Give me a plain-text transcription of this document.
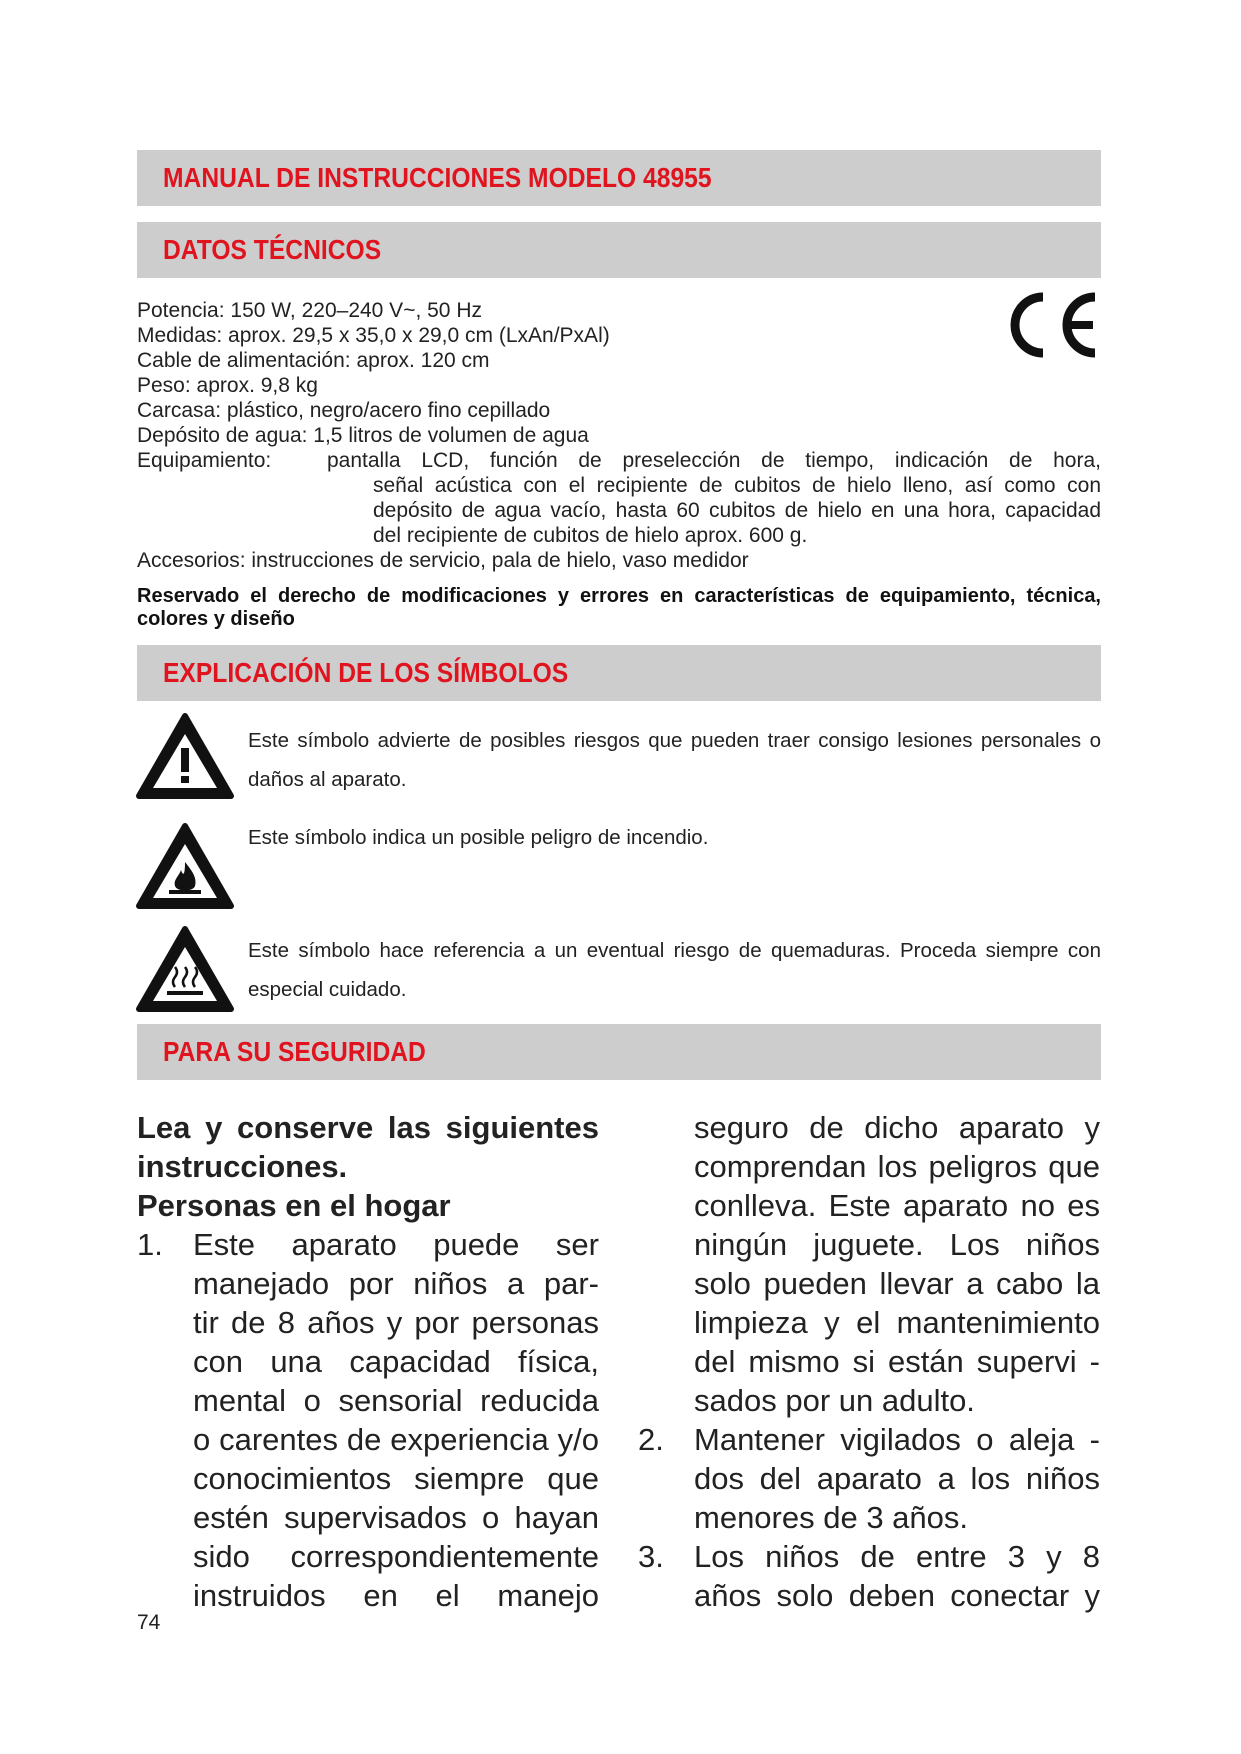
MANUAL DE INSTRUCCIONES MODELO 48955
DATOS TÉCNICOS
Potencia: 150 W, 220–240 V~, 50 Hz
Medidas: aprox. 29,5 x 35,0 x 29,0 cm (LxAn/PxAl)
Cable de alimentación: aprox. 120 cm
Peso: aprox. 9,8 kg
Carcasa: plástico, negro/acero fino cepillado
Depósito de agua: 1,5 litros de volumen de agua
Equipamiento:	pantalla LCD, función de preselección de tiempo, indicación de hora,
señal acústica con el recipiente de cubitos de hielo lleno, así como con
depósito de agua vacío, hasta 60 cubitos de hielo en una hora, capacidad
del recipiente de cubitos de hielo aprox. 600 g.
Accesorios: instrucciones de servicio, pala de hielo, vaso medidor
Reservado el derecho de modificaciones y errores en características de equipamiento, técnica, colores y diseño
EXPLICACIÓN DE LOS SÍMBOLOS
Este símbolo advierte de posibles riesgos que pueden traer consigo lesiones personales o daños al aparato.
Este símbolo indica un posible peligro de incendio.
Este símbolo hace referencia a un eventual riesgo de quemaduras. Proceda siempre con especial cuidado.
PARA SU SEGURIDAD
Lea y conserve las siguientes
instrucciones.
Personas en el hogar
1. Este aparato puede ser
manejado por niños a par-
tir de 8 años y por personas
con una capacidad física,
mental o sensorial reducida
o carentes de experiencia y/o
conocimientos siempre que
estén supervisados o hayan
sido correspondientemente
instruidos en el manejo
seguro de dicho aparato y
comprendan los peligros que
conlleva. Este aparato no es
ningún juguete. Los niños
solo pueden llevar a cabo la
limpieza y el mantenimiento
del mismo si están supervi -
sados por un adulto.
2. Mantener vigilados o aleja -
dos del aparato a los niños
menores de 3 años.
3. Los niños de entre 3 y 8
años solo deben conectar y
74
